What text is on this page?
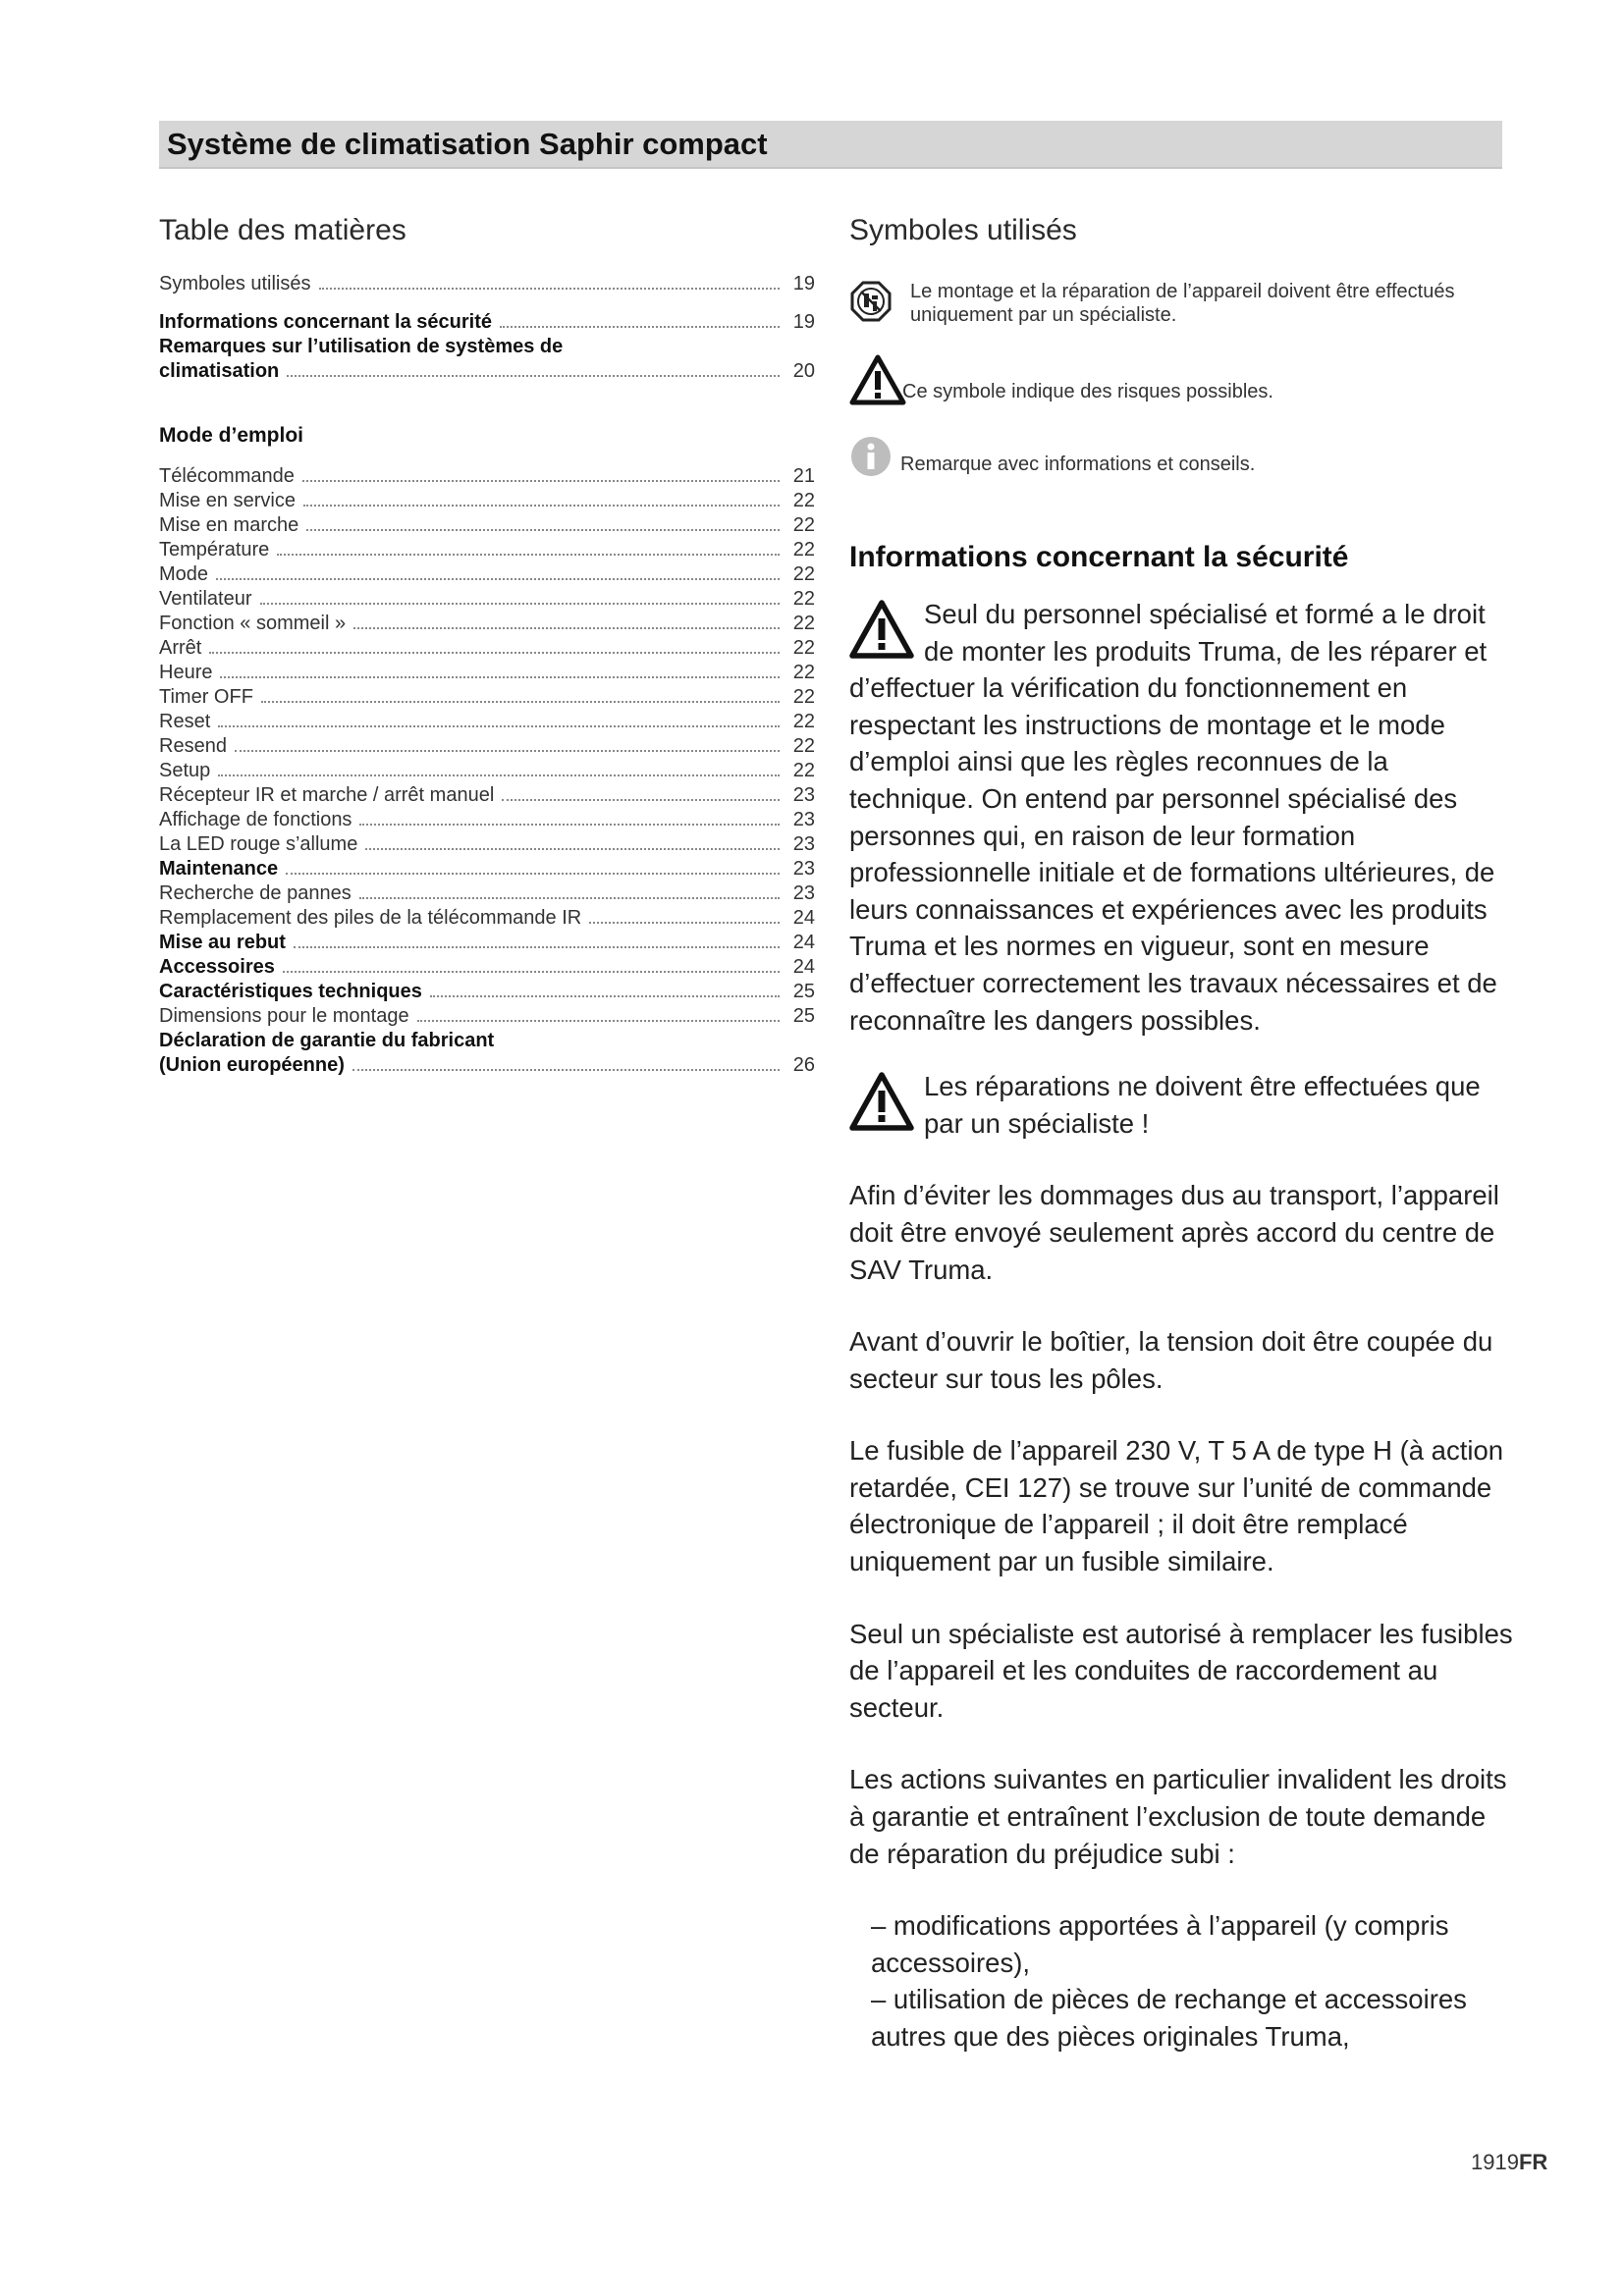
Système de climatisation Saphir compact
Table des matières
Symboles utilisés	19
Informations concernant la sécurité	19
Remarques sur l’utilisation de systèmes de
climatisation	20
Mode d’emploi
Télécommande	21
Mise en service	22
Mise en marche	22
Température	22
Mode	22
Ventilateur	22
Fonction « sommeil »	22
Arrêt	22
Heure	22
Timer OFF	22
Reset	22
Resend	22
Setup	22
Récepteur IR et marche / arrêt manuel	23
Affichage de fonctions	23
La LED rouge s’allume	23
Maintenance	23
Recherche de pannes	23
Remplacement des piles de la télécommande IR	24
Mise au rebut	24
Accessoires	24
Caractéristiques techniques	25
Dimensions pour le montage	25
Déclaration de garantie du fabricant
(Union européenne)	26
Symboles utilisés
Le montage et la réparation de l’appareil doivent être effectués uniquement par un spécialiste.
Ce symbole indique des risques possibles.
Remarque avec informations et conseils.
Informations concernant la sécurité

Seul du personnel spécialisé et formé a le droit de monter les produits Truma, de les réparer et d’effectuer la vérification du fonctionnement en respectant les instructions de montage et le mode d’emploi ainsi que les règles reconnues de la technique. On entend par personnel spécialisé des personnes qui, en raison de leur formation professionnelle initiale et de formations ultérieures, de leurs connaissances et expériences avec les produits Truma et les normes en vigueur, sont en mesure d’effectuer correctement les travaux nécessaires et de reconnaître les dangers possibles.

Les réparations ne doivent être effectuées que par un spécialiste !

Afin d’éviter les dommages dus au transport, l’appareil doit être envoyé seulement après accord du centre de SAV Truma.

Avant d’ouvrir le boîtier, la tension doit être coupée du secteur sur tous les pôles.

Le fusible de l’appareil 230 V, T 5 A de type H (à action retardée, CEI 127) se trouve sur l’unité de commande électronique de l’appareil ; il doit être remplacé uniquement par un fusible similaire.

Seul un spécialiste est autorisé à remplacer les fusibles de l’appareil et les conduites de raccordement au secteur.

Les actions suivantes en particulier invalident les droits à garantie et entraînent l’exclusion de toute demande de réparation du préjudice subi :

– modifications apportées à l’appareil (y compris accessoires),

– utilisation de pièces de rechange et accessoires autres que des pièces originales Truma,

1919FR
